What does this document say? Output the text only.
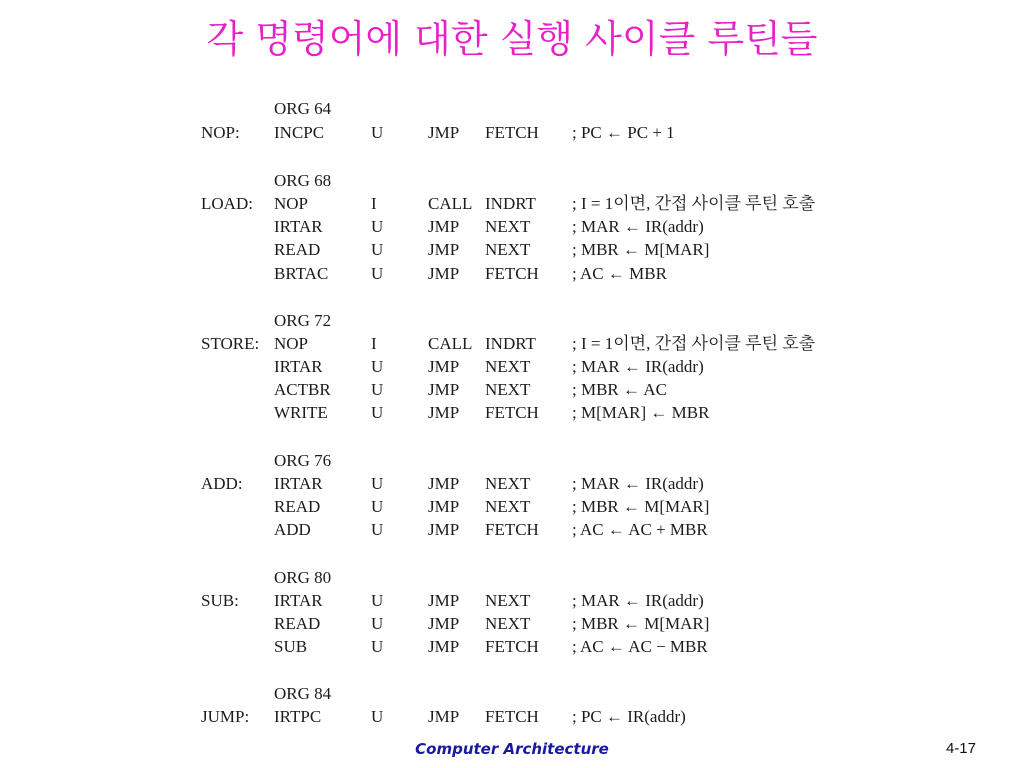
각 명령어에 대한 실행 사이클 루틴들
ORG 64
NOP: INCPC	U	JMP FETCH ; PC ← PC + 1
ORG 68
LOAD: NOP	I	CALL INDRT ; I = 1이면, 간접 사이클 루틴 호출
IRTAR	U	JMP NEXT ; MAR ← IR(addr)
READ	U	JMP NEXT ; MBR ← M[MAR]
BRTAC	U	JMP FETCH ; AC ← MBR
ORG 72
STORE: NOP	I	CALL INDRT ; I = 1이면, 간접 사이클 루틴 호출
IRTAR	U	JMP NEXT ; MAR ← IR(addr)
ACTBR U	JMP NEXT ; MBR ← AC
WRITE	U	JMP FETCH ; M[MAR] ← MBR
ORG 76
ADD: IRTAR	U	JMP NEXT ; MAR ← IR(addr)
READ	U	JMP NEXT ; MBR ← M[MAR]
ADD	U	JMP FETCH ; AC ← AC + MBR
ORG 80
SUB: IRTAR	U	JMP NEXT ; MAR ← IR(addr)
READ	U	JMP NEXT ; MBR ← M[MAR]
SUB	U	JMP FETCH ; AC ← AC − MBR
ORG 84
JUMP: IRTPC	U	JMP FETCH ; PC ← IR(addr)
Computer Architecture	4-17
